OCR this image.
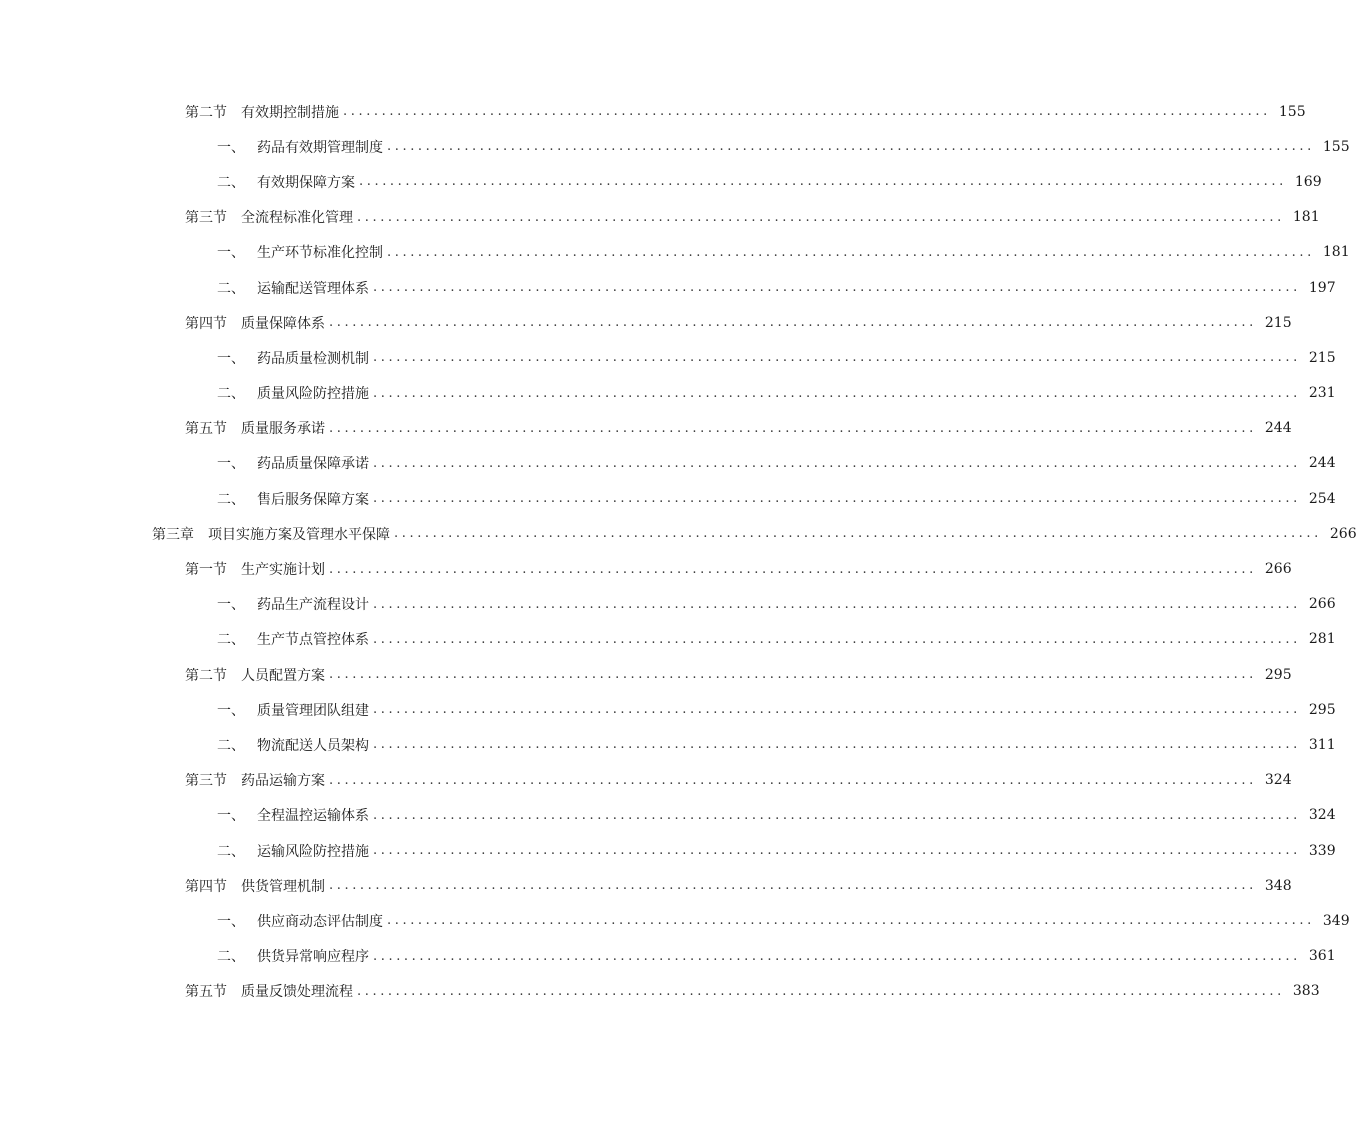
第二节 有效期控制措施 ........................................................................................................................ 155
一、 药品有效期管理制度 ........................................................................................................................ 155
二、 有效期保障方案 ........................................................................................................................ 169
第三节 全流程标准化管理 ........................................................................................................................ 181
一、 生产环节标准化控制 ........................................................................................................................ 181
二、 运输配送管理体系 ........................................................................................................................ 197
第四节 质量保障体系 ........................................................................................................................ 215
一、 药品质量检测机制 ........................................................................................................................ 215
二、 质量风险防控措施 ........................................................................................................................ 231
第五节 质量服务承诺 ........................................................................................................................ 244
一、 药品质量保障承诺 ........................................................................................................................ 244
二、 售后服务保障方案 ........................................................................................................................ 254
第三章 项目实施方案及管理水平保障 ........................................................................................................................ 266
第一节 生产实施计划 ........................................................................................................................ 266
一、 药品生产流程设计 ........................................................................................................................ 266
二、 生产节点管控体系 ........................................................................................................................ 281
第二节 人员配置方案 ........................................................................................................................ 295
一、 质量管理团队组建 ........................................................................................................................ 295
二、 物流配送人员架构 ........................................................................................................................ 311
第三节 药品运输方案 ........................................................................................................................ 324
一、 全程温控运输体系 ........................................................................................................................ 324
二、 运输风险防控措施 ........................................................................................................................ 339
第四节 供货管理机制 ........................................................................................................................ 348
一、 供应商动态评估制度 ........................................................................................................................ 349
二、 供货异常响应程序 ........................................................................................................................ 361
第五节 质量反馈处理流程 ........................................................................................................................ 383
